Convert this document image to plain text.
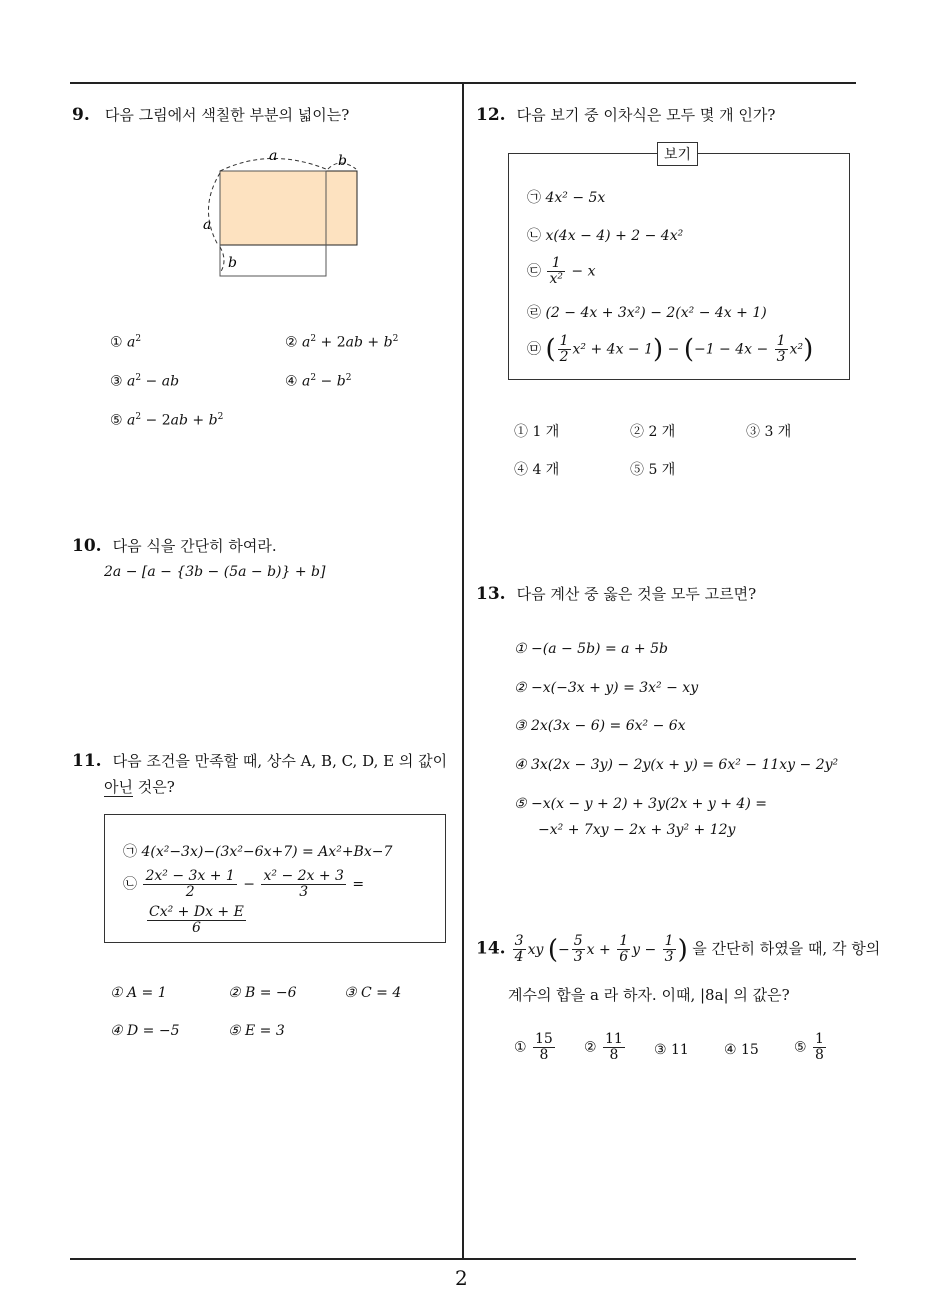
2
9. 다음 그림에서 색칠한 부분의 넓이는?
a	b
a
b
① $a^2$	② $a^2 + 2ab + b^2$
③ $a^2$ − ab	④ $a^2 - b^2$
⑤ $a^2 - 2ab + b^2$
10. 다음 식을 간단히 하여라.
2a − [a − {3b − (5a − b)} + b]
11. 다음 조건을 만족할 때, 상수 A, B, C, D, E 의 값이
아닌 것은?
㉠ 4(x²−3x)−(3x²−6x+7) = Ax²+Bx−7
㉡ $\frac{\text{2x² − 3x + 1}}{2} - \frac{\text{x² − 2x + 3}}{3}$ =
$\frac{\text{Cx² + Dx + E}}{6}$
① A = 1	② B = −6	③ C = 4
④ D = −5	⑤ E = 3
12. 다음 보기 중 이차식은 모두 몇 개 인가?
보기
㉠ 4x² − 5x
㉡ x(4x − 4) + 2 − 4x²
㉢ $\frac{1}{\text{x²}} - x$
㉣ (2 − 4x + 3x²) − 2(x² − 4x + 1)
㉤ ( $\frac{1}{2} x^2 + 4x - 1) - (-1 - 4x - \frac{1}{3} x^2)$
① 1 개	② 2 개	③ 3 개
④ 4 개	⑤ 5 개
13. 다음 계산 중 옳은 것을 모두 고르면?
① −(a − 5b) = a + 5b
② −x(−3x + y) = 3x² − xy
③ 2x(3x − 6) = 6x² − 6x
④ 3x(2x − 3y) − 2y(x + y) = 6x² − 11xy − 2y²
⑤ −x(x − y + 2) + 3y(2x + y + 4) =
−x² + 7xy − 2x + 3y² + 12y
14. $\frac{3}{4}$ xy (− $\frac{5}{3}$ $x + \frac{1}{6}$ $y - \frac{1}{3}$ ) 을 간단히 하였을 때, 각 항의
계수의 합을 a 라 하자. 이때, |8a| 의 값은?
① $\frac{15}{8}$ ② $\frac{11}{8}$ ③ 11	④ 15	⑤ $\frac{1}{8}$
